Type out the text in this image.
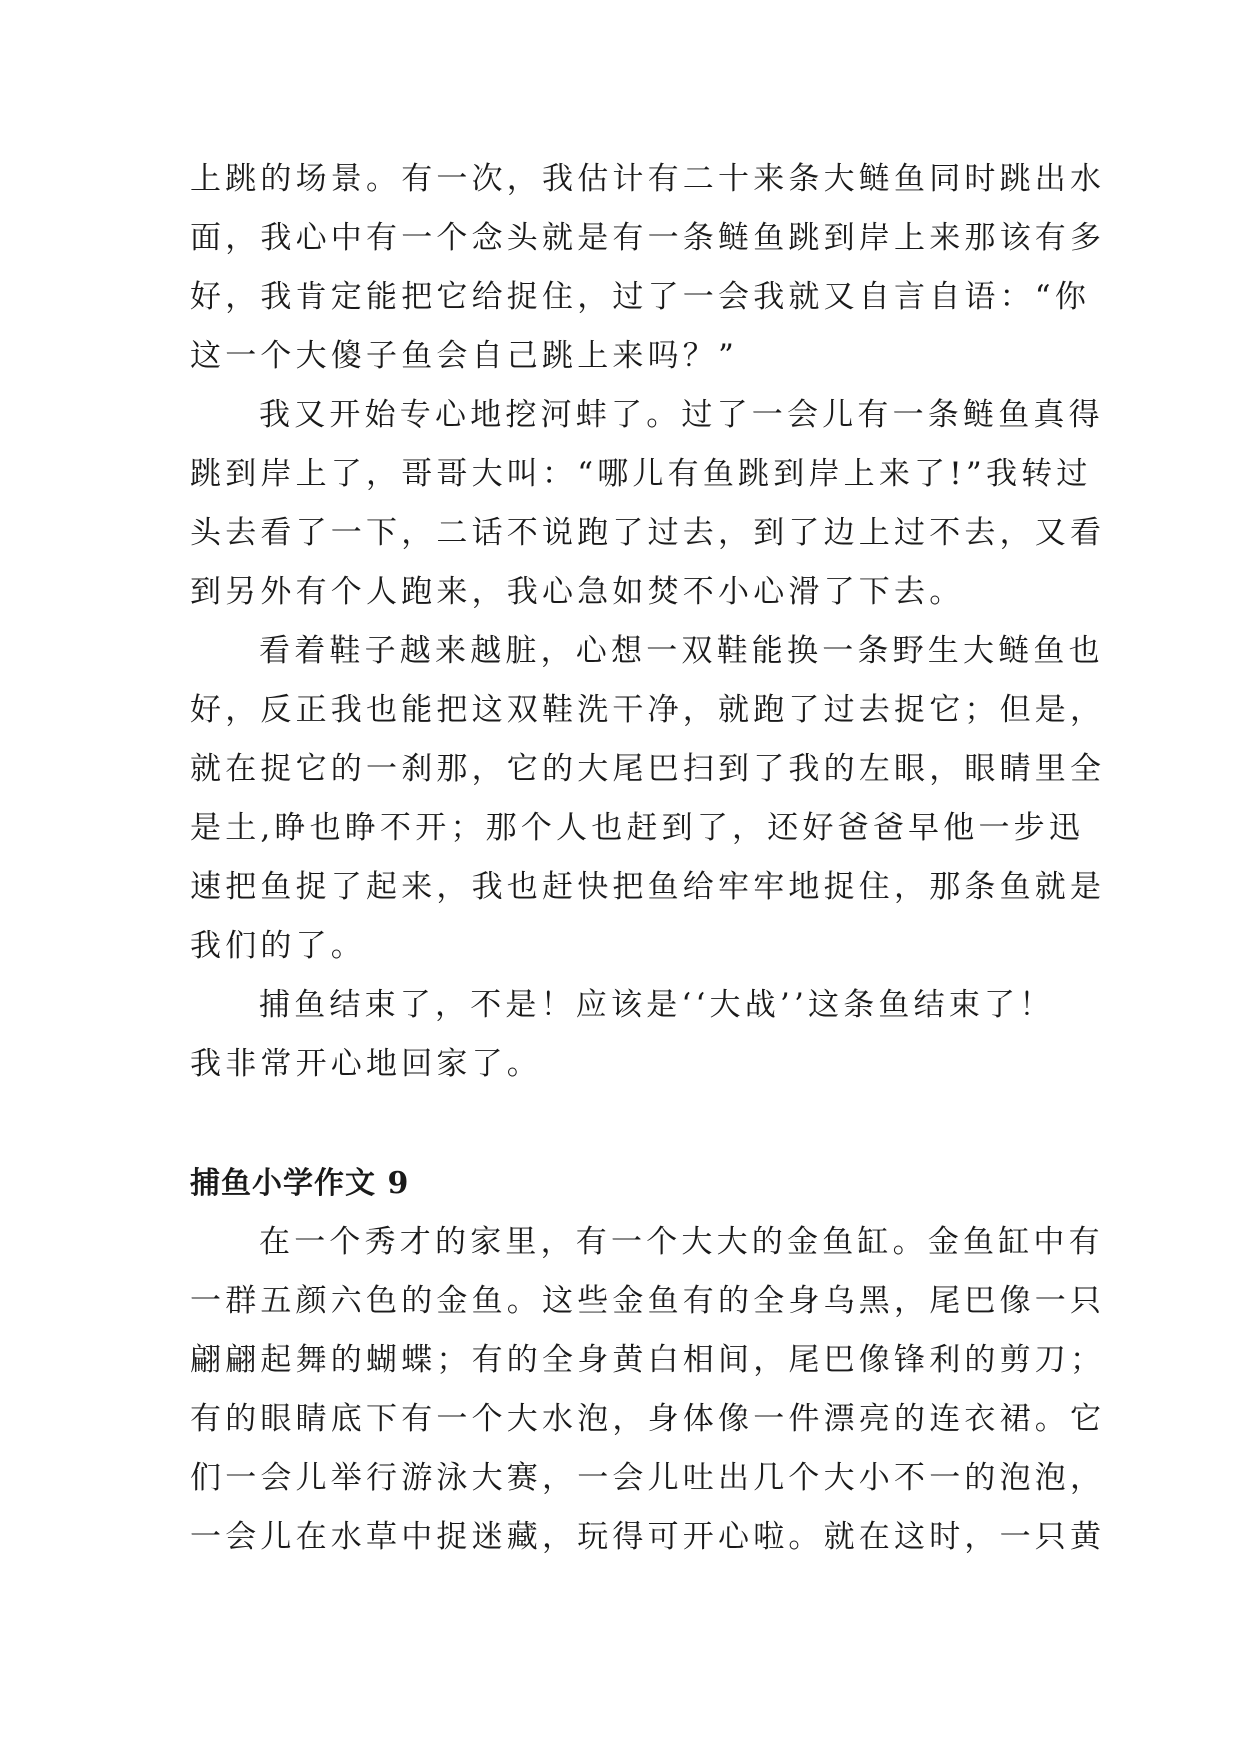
上跳的场景。有一次，我估计有二十来条大鲢鱼同时跳出水
面，我心中有一个念头就是有一条鲢鱼跳到岸上来那该有多
好，我肯定能把它给捉住，过了一会我就又自言自语：“你
这一个大傻子鱼会自己跳上来吗？”

我又开始专心地挖河蚌了。过了一会儿有一条鲢鱼真得
跳到岸上了，哥哥大叫：“哪儿有鱼跳到岸上来了!”我转过
头去看了一下，二话不说跑了过去，到了边上过不去，又看
到另外有个人跑来，我心急如焚不小心滑了下去。

看着鞋子越来越脏，心想一双鞋能换一条野生大鲢鱼也
好，反正我也能把这双鞋洗干净，就跑了过去捉它；但是，
就在捉它的一刹那，它的大尾巴扫到了我的左眼，眼睛里全
是土,睁也睁不开；那个人也赶到了，还好爸爸早他一步迅
速把鱼捉了起来，我也赶快把鱼给牢牢地捉住，那条鱼就是
我们的了。

捕鱼结束了，不是！应该是‘‘大战’’这条鱼结束了！
我非常开心地回家了。

捕鱼小学作文 9

在一个秀才的家里，有一个大大的金鱼缸。金鱼缸中有
一群五颜六色的金鱼。这些金鱼有的全身乌黑，尾巴像一只
翩翩起舞的蝴蝶；有的全身黄白相间，尾巴像锋利的剪刀；
有的眼睛底下有一个大水泡，身体像一件漂亮的连衣裙。它
们一会儿举行游泳大赛，一会儿吐出几个大小不一的泡泡，
一会儿在水草中捉迷藏，玩得可开心啦。就在这时，一只黄
